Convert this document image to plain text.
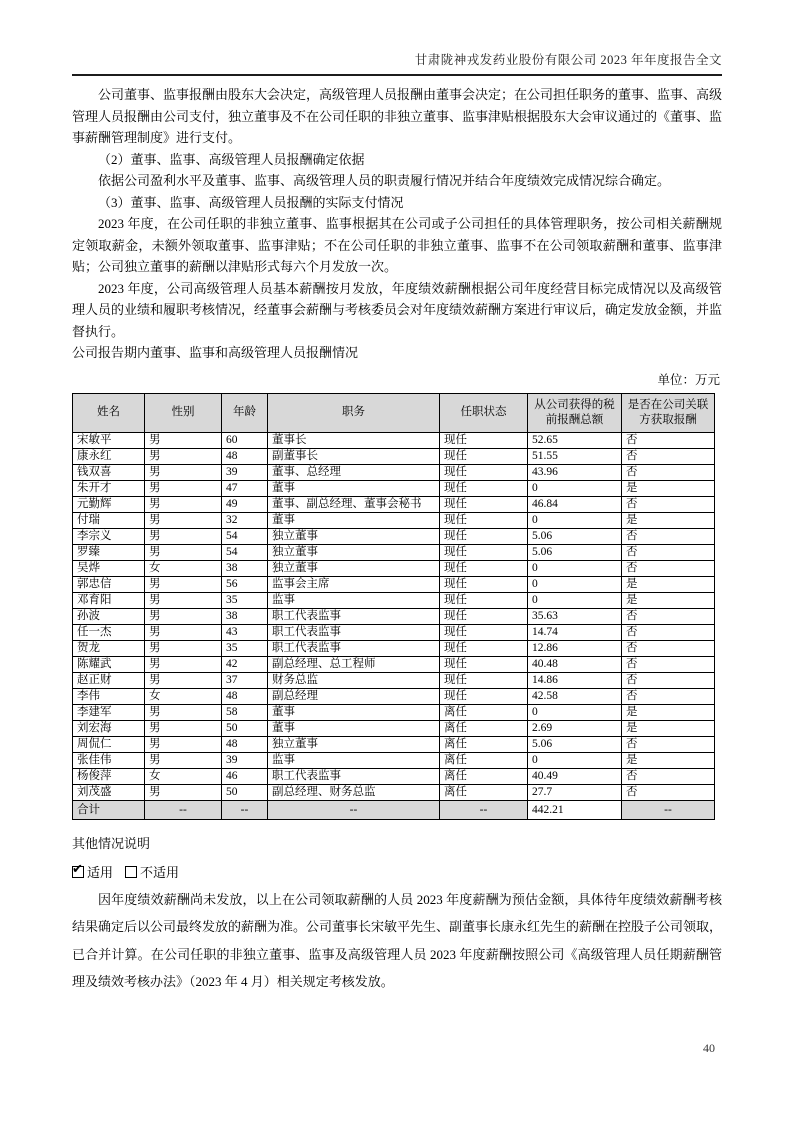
甘肃陇神戎发药业股份有限公司 2023 年年度报告全文

公司董事、监事报酬由股东大会决定，高级管理人员报酬由董事会决定；在公司担任职务的董事、监事、高级管理人员报酬由公司支付，独立董事及不在公司任职的非独立董事、监事津贴根据股东大会审议通过的《董事、监事薪酬管理制度》进行支付。

（2）董事、监事、高级管理人员报酬确定依据

依据公司盈利水平及董事、监事、高级管理人员的职责履行情况并结合年度绩效完成情况综合确定。

（3）董事、监事、高级管理人员报酬的实际支付情况

2023 年度，在公司任职的非独立董事、监事根据其在公司或子公司担任的具体管理职务，按公司相关薪酬规定领取薪金，未额外领取董事、监事津贴；不在公司任职的非独立董事、监事不在公司领取薪酬和董事、监事津贴；公司独立董事的薪酬以津贴形式每六个月发放一次。

2023 年度，公司高级管理人员基本薪酬按月发放，年度绩效薪酬根据公司年度经营目标完成情况以及高级管理人员的业绩和履职考核情况，经董事会薪酬与考核委员会对年度绩效薪酬方案进行审议后，确定发放金额，并监督执行。

公司报告期内董事、监事和高级管理人员报酬情况

单位：万元
姓名	性别	年龄	职务	任职状态	从公司获得的税前报酬总额	是否在公司关联方获取报酬
宋敏平	男	60	董事长	现任	52.65	否
康永红	男	48	副董事长	现任	51.55	否
钱双喜	男	39	董事、总经理	现任	43.96	否
朱开才	男	47	董事	现任	0	是
元勤辉	男	49	董事、副总经理、董事会秘书	现任	46.84	否
付瑞	男	32	董事	现任	0	是
李宗义	男	54	独立董事	现任	5.06	否
罗臻	男	54	独立董事	现任	5.06	否
吴烨	女	38	独立董事	现任	0	否
郭忠信	男	56	监事会主席	现任	0	是
邓育阳	男	35	监事	现任	0	是
孙波	男	38	职工代表监事	现任	35.63	否
任一杰	男	43	职工代表监事	现任	14.74	否
贺龙	男	35	职工代表监事	现任	12.86	否
陈耀武	男	42	副总经理、总工程师	现任	40.48	否
赵正财	男	37	财务总监	现任	14.86	否
李伟	女	48	副总经理	现任	42.58	否
李建军	男	58	董事	离任	0	是
刘宏海	男	50	董事	离任	2.69	是
周侃仁	男	48	独立董事	离任	5.06	否
张佳伟	男	39	监事	离任	0	是
杨俊萍	女	46	职工代表监事	离任	40.49	否
刘茂盛	男	50	副总经理、财务总监	离任	27.7	否
合计	--	--	--	--	442.21	--
其他情况说明
✔适用 不适用

因年度绩效薪酬尚未发放，以上在公司领取薪酬的人员 2023 年度薪酬为预估金额，具体待年度绩效薪酬考核结果确定后以公司最终发放的薪酬为准。公司董事长宋敏平先生、副董事长康永红先生的薪酬在控股子公司领取，已合并计算。在公司任职的非独立董事、监事及高级管理人员 2023 年度薪酬按照公司《高级管理人员任期薪酬管理及绩效考核办法》（2023 年 4 月）相关规定考核发放。

40
